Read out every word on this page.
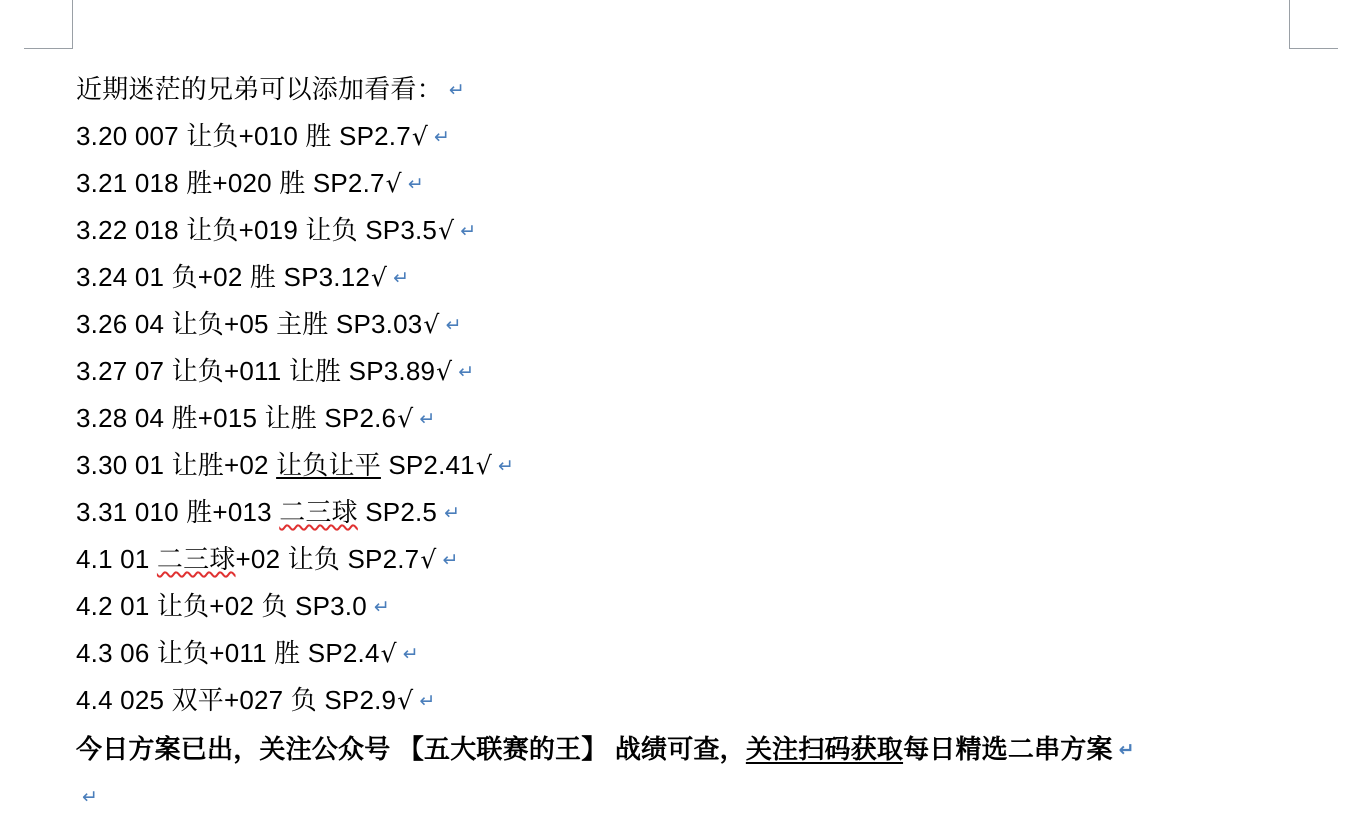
近期迷茫的兄弟可以添加看看： ↵
3.20 007 让负+010 胜 SP2.7√ ↵
3.21 018 胜+020 胜 SP2.7√ ↵
3.22 018 让负+019 让负 SP3.5√ ↵
3.24 01 负+02 胜 SP3.12√ ↵
3.26 04 让负+05 主胜 SP3.03√ ↵
3.27 07 让负+011 让胜 SP3.89√ ↵
3.28 04 胜+015 让胜 SP2.6√ ↵
3.30 01 让胜+02 让负让平 SP2.41√ ↵
3.31 010 胜+013 二三球 SP2.5 ↵
4.1 01 二三球+02 让负 SP2.7√ ↵
4.2 01 让负+02 负 SP3.0 ↵
4.3 06 让负+011 胜 SP2.4√ ↵
4.4 025 双平+027 负 SP2.9√ ↵
今日方案已出，关注公众号 【五大联赛的王】 战绩可查，关注扫码获取每日精选二串方案 ↵
↵
